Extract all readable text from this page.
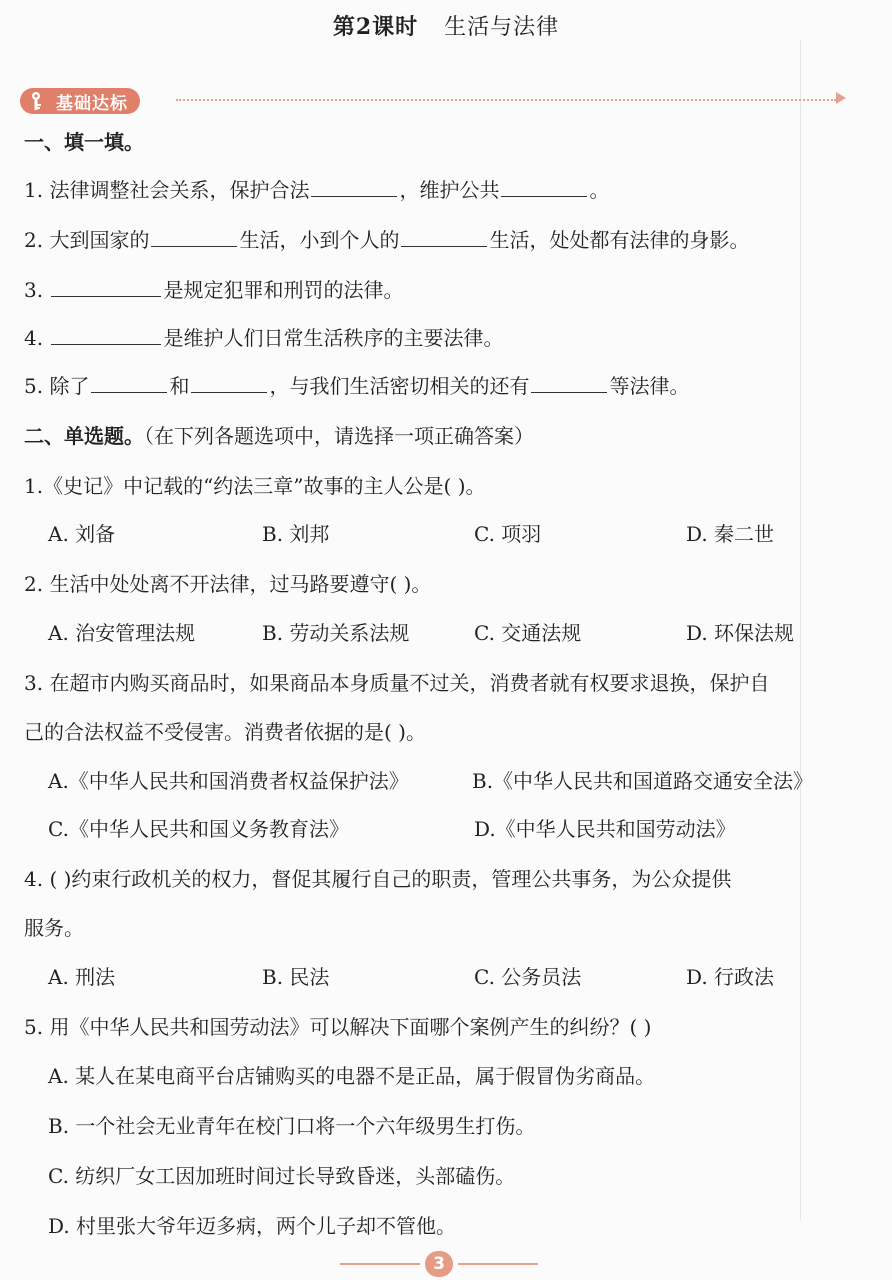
第2课时 生活与法律
基础达标
一、填一填。
1. 法律调整社会关系，保护合法	，维护公共	。
2. 大到国家的	生活，小到个人的	生活，处处都有法律的身影。
3.	是规定犯罪和刑罚的法律。
4.	是维护人们日常生活秩序的主要法律。
5. 除了	和	，与我们生活密切相关的还有	等法律。
二、单选题。（在下列各题选项中，请选择一项正确答案）
1.《史记》中记载的“约法三章”故事的主人公是( )。
A. 刘备	B. 刘邦	C. 项羽	D. 秦二世
2. 生活中处处离不开法律，过马路要遵守( )。
A. 治安管理法规	B. 劳动关系法规	C. 交通法规	D. 环保法规
3. 在超市内购买商品时，如果商品本身质量不过关，消费者就有权要求退换，保护自
己的合法权益不受侵害。消费者依据的是( )。
A.《中华人民共和国消费者权益保护法》	B.《中华人民共和国道路交通安全法》
C.《中华人民共和国义务教育法》	D.《中华人民共和国劳动法》
4. ( )约束行政机关的权力，督促其履行自己的职责，管理公共事务，为公众提供
服务。
A. 刑法	B. 民法	C. 公务员法	D. 行政法
5. 用《中华人民共和国劳动法》可以解决下面哪个案例产生的纠纷？( )
A. 某人在某电商平台店铺购买的电器不是正品，属于假冒伪劣商品。
B. 一个社会无业青年在校门口将一个六年级男生打伤。
C. 纺织厂女工因加班时间过长导致昏迷，头部磕伤。
D. 村里张大爷年迈多病，两个儿子却不管他。
3
